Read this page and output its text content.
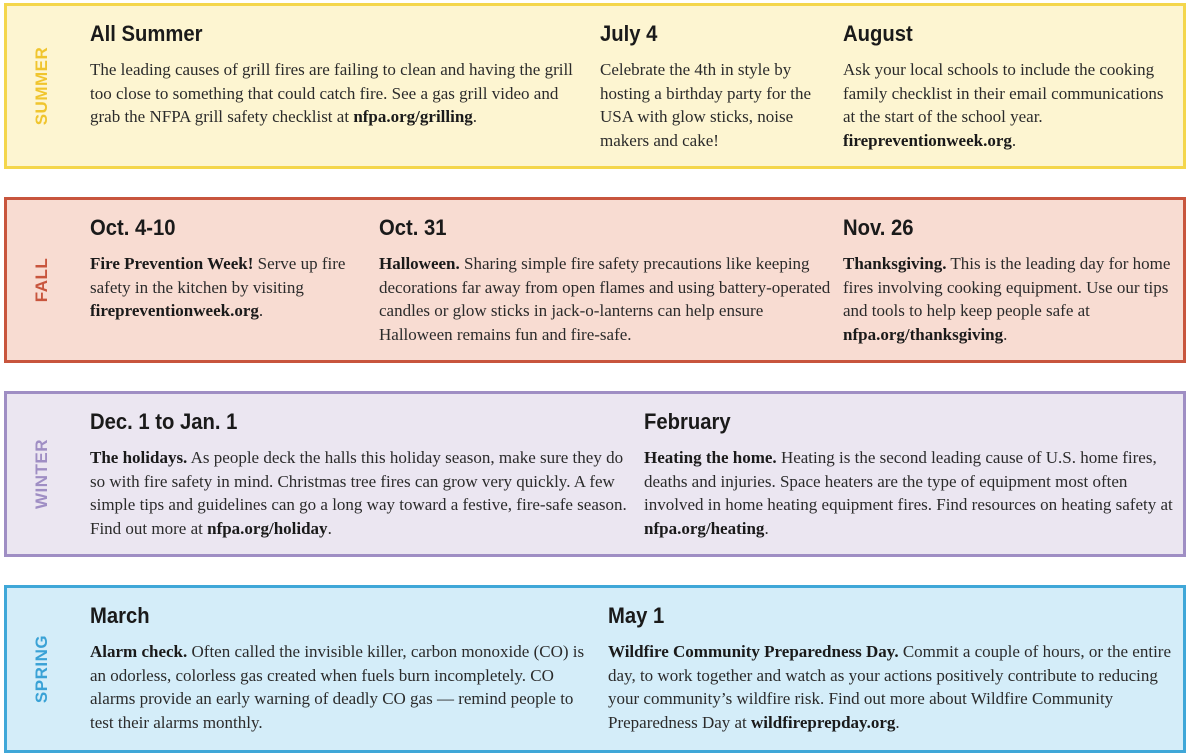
SUMMER
All Summer

The leading causes of grill fires are failing to clean and having the grill too close to something that could catch fire. See a gas grill video and grab the NFPA grill safety checklist at nfpa.org/grilling.

July 4

Celebrate the 4th in style by hosting a birthday party for the USA with glow sticks, noise makers and cake!

August

Ask your local schools to include the cooking family checklist in their email communications at the start of the school year. firepreventionweek.org.

FALL
Oct. 4-10

Fire Prevention Week! Serve up fire safety in the kitchen by visiting firepreventionweek.org.

Oct. 31

Halloween. Sharing simple fire safety precautions like keeping decorations far away from open flames and using battery-operated candles or glow sticks in jack-o-lanterns can help ensure Halloween remains fun and fire-safe.

Nov. 26

Thanksgiving. This is the leading day for home fires involving cooking equipment. Use our tips and tools to help keep people safe at nfpa.org/thanksgiving.

WINTER
Dec. 1 to Jan. 1

The holidays. As people deck the halls this holiday season, make sure they do so with fire safety in mind. Christmas tree fires can grow very quickly. A few simple tips and guidelines can go a long way toward a festive, fire-safe season. Find out more at nfpa.org/holiday.

February

Heating the home. Heating is the second leading cause of U.S. home fires, deaths and injuries. Space heaters are the type of equipment most often involved in home heating equipment fires. Find resources on heating safety at nfpa.org/heating.

SPRING
March

Alarm check. Often called the invisible killer, carbon monoxide (CO) is an odorless, colorless gas created when fuels burn incompletely. CO alarms provide an early warning of deadly CO gas — remind people to test their alarms monthly.

May 1

Wildfire Community Preparedness Day. Commit a couple of hours, or the entire day, to work together and watch as your actions positively contribute to reducing your community’s wildfire risk. Find out more about Wildfire Community Preparedness Day at wildfireprepday.org.
